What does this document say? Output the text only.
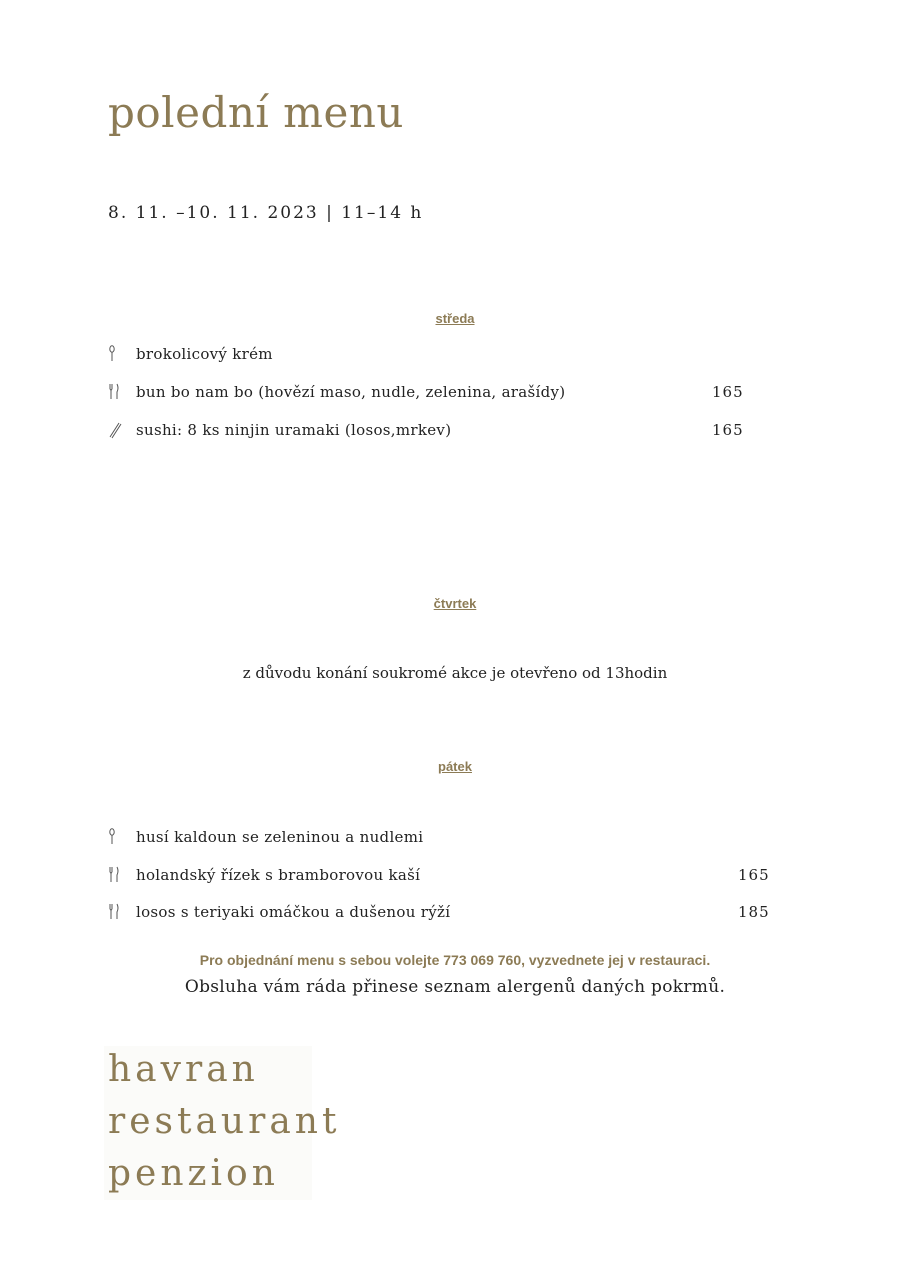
polední menu
8. 11. –10. 11. 2023 | 11–14 h
středa
brokolicový krém
bun bo nam bo (hovězí maso, nudle, zelenina, arašídy)	165
sushi: 8 ks ninjin uramaki (losos,mrkev)	165
čtvrtek
z důvodu konání soukromé akce je otevřeno od 13hodin
pátek
husí kaldoun se zeleninou a nudlemi
holandský řízek s bramborovou kaší	165
losos s teriyaki omáčkou a dušenou rýží	185
Pro objednání menu s sebou volejte 773 069 760, vyzvednete jej v restauraci.
Obsluha vám ráda přinese seznam alergenů daných pokrmů.
havran
restaurant
penzion
